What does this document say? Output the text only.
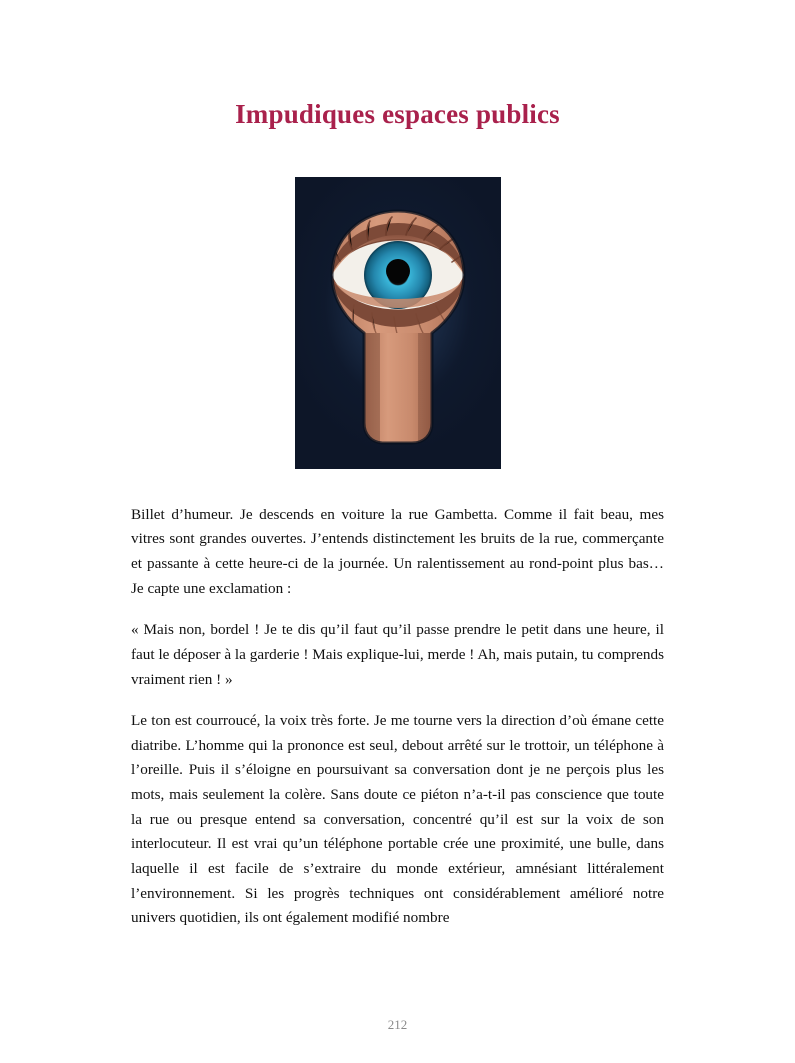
Impudiques espaces publics

Billet d’humeur. Je descends en voiture la rue Gambetta. Comme il fait beau, mes vitres sont grandes ouvertes. J’entends distinctement les bruits de la rue, commerçante et passante à cette heure-ci de la journée. Un ralentissement au rond-point plus bas… Je capte une exclamation :

« Mais non, bordel ! Je te dis qu’il faut qu’il passe prendre le petit dans une heure, il faut le déposer à la garderie ! Mais explique-lui, merde ! Ah, mais putain, tu comprends vraiment rien ! »

Le ton est courroucé, la voix très forte. Je me tourne vers la direction d’où émane cette diatribe. L’homme qui la prononce est seul, debout arrêté sur le trottoir, un téléphone à l’oreille. Puis il s’éloigne en poursuivant sa conversation dont je ne perçois plus les mots, mais seulement la colère. Sans doute ce piéton n’a-t-il pas conscience que toute la rue ou presque entend sa conversation, concentré qu’il est sur la voix de son interlocuteur. Il est vrai qu’un téléphone portable crée une proximité, une bulle, dans laquelle il est facile de s’extraire du monde extérieur, amnésiant littéralement l’environnement. Si les progrès techniques ont considérablement amélioré notre univers quotidien, ils ont également modifié nombre

212
